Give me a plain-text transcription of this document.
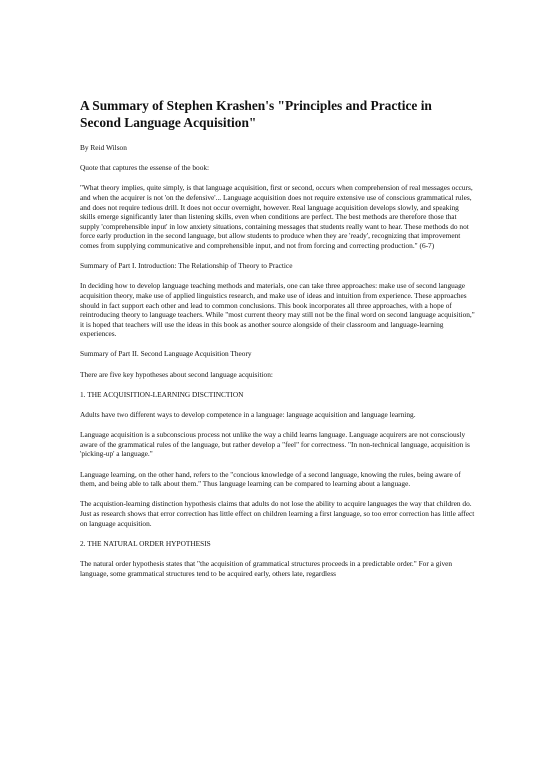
A Summary of Stephen Krashen's "Principles and Practice in Second Language Acquisition"

By Reid Wilson

Quote that captures the essense of the book:

"What theory implies, quite simply, is that language acquisition, first or second, occurs when comprehension of real messages occurs, and when the acquirer is not 'on the defensive'... Language acquisition does not require extensive use of conscious grammatical rules, and does not require tedious drill. It does not occur overnight, however. Real language acquisition develops slowly, and speaking skills emerge significantly later than listening skills, even when conditions are perfect. The best methods are therefore those that supply 'comprehensible input' in low anxiety situations, containing messages that students really want to hear. These methods do not force early production in the second language, but allow students to produce when they are 'ready', recognizing that improvement comes from supplying communicative and comprehensible input, and not from forcing and correcting production." (6-7)

Summary of Part I. Introduction: The Relationship of Theory to Practice

In deciding how to develop language teaching methods and materials, one can take three approaches: make use of second language acquisition theory, make use of applied linguistics research, and make use of ideas and intuition from experience. These approaches should in fact support each other and lead to common conclusions. This book incorporates all three approaches, with a hope of reintroducing theory to language teachers. While "most current theory may still not be the final word on second language acquisition," it is hoped that teachers will use the ideas in this book as another source alongside of their classroom and language-learning experiences.

Summary of Part II. Second Language Acquisition Theory

There are five key hypotheses about second language acquisition:

1. THE ACQUISITION-LEARNING DISCTINCTION

Adults have two different ways to develop competence in a language: language acquisition and language learning.

Language acquisition is a subconscious process not unlike the way a child learns language. Language acquirers are not consciously aware of the grammatical rules of the language, but rather develop a "feel" for correctness. "In non-technical language, acquisition is 'picking-up' a language."

Language learning, on the other hand, refers to the "concious knowledge of a second language, knowing the rules, being aware of them, and being able to talk about them." Thus language learning can be compared to learning about a language.

The acquistion-learning distinction hypothesis claims that adults do not lose the ability to acquire languages the way that children do. Just as research shows that error correction has little effect on children learning a first language, so too error correction has little affect on language acquisition.

2. THE NATURAL ORDER HYPOTHESIS

The natural order hypothesis states that "the acquisition of grammatical structures proceeds in a predictable order." For a given language, some grammatical structures tend to be acquired early, others late, regardless
